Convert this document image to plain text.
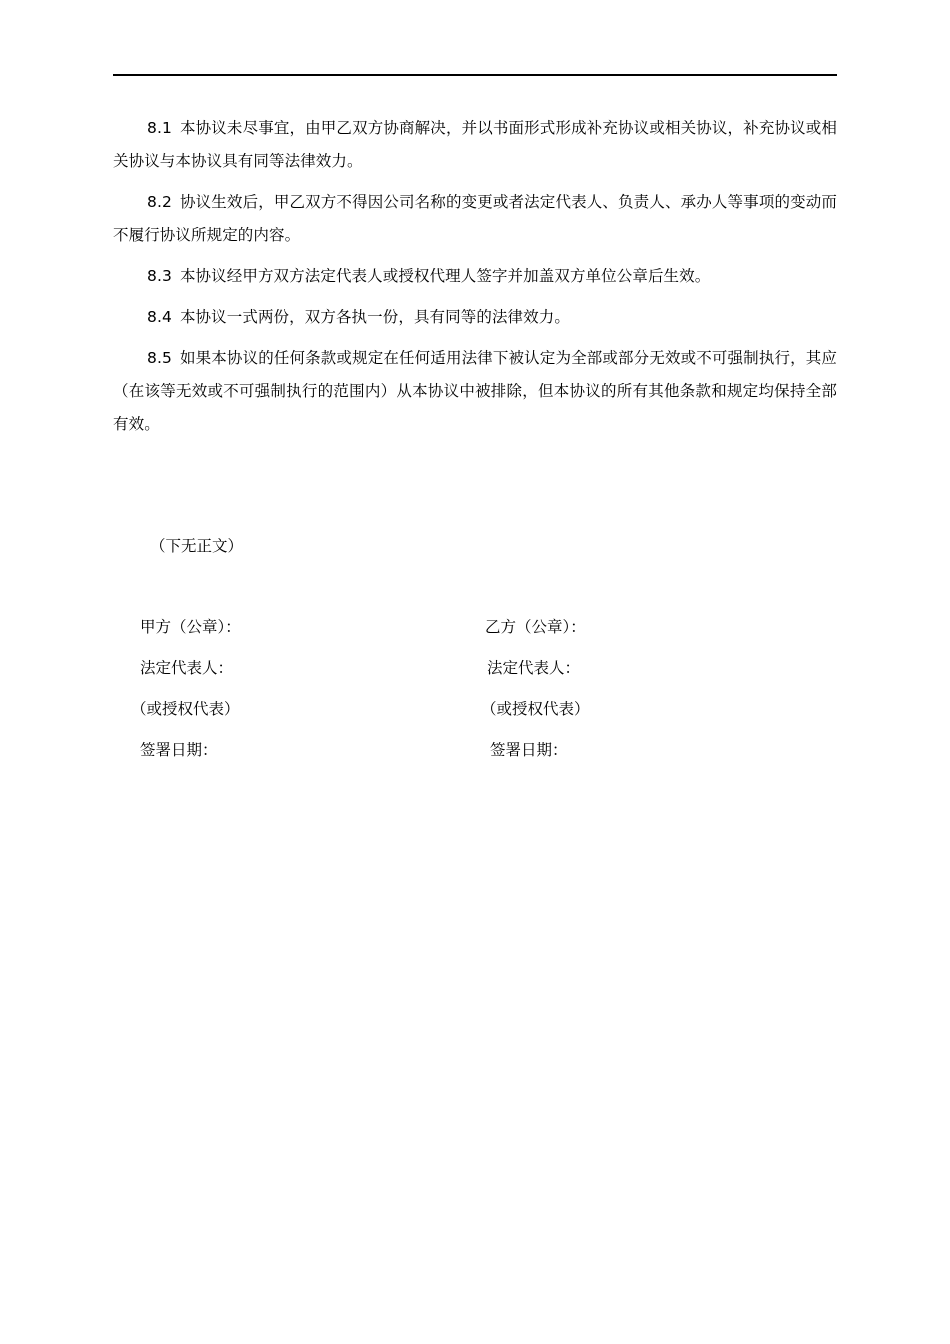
8.1 本协议未尽事宜，由甲乙双方协商解决，并以书面形式形成补充协议或相关协议，补充协议或相关协议与本协议具有同等法律效力。

8.2 协议生效后，甲乙双方不得因公司名称的变更或者法定代表人、负责人、承办人等事项的变动而不履行协议所规定的内容。

8.3 本协议经甲方双方法定代表人或授权代理人签字并加盖双方单位公章后生效。

8.4 本协议一式两份，双方各执一份，具有同等的法律效力。

8.5 如果本协议的任何条款或规定在任何适用法律下被认定为全部或部分无效或不可强制执行，其应（在该等无效或不可强制执行的范围内）从本协议中被排除，但本协议的所有其他条款和规定均保持全部有效。

（下无正文）
甲方（公章）：
法定代表人：
（或授权代表）
签署日期：
乙方（公章）：
法定代表人：
（或授权代表）
签署日期：
